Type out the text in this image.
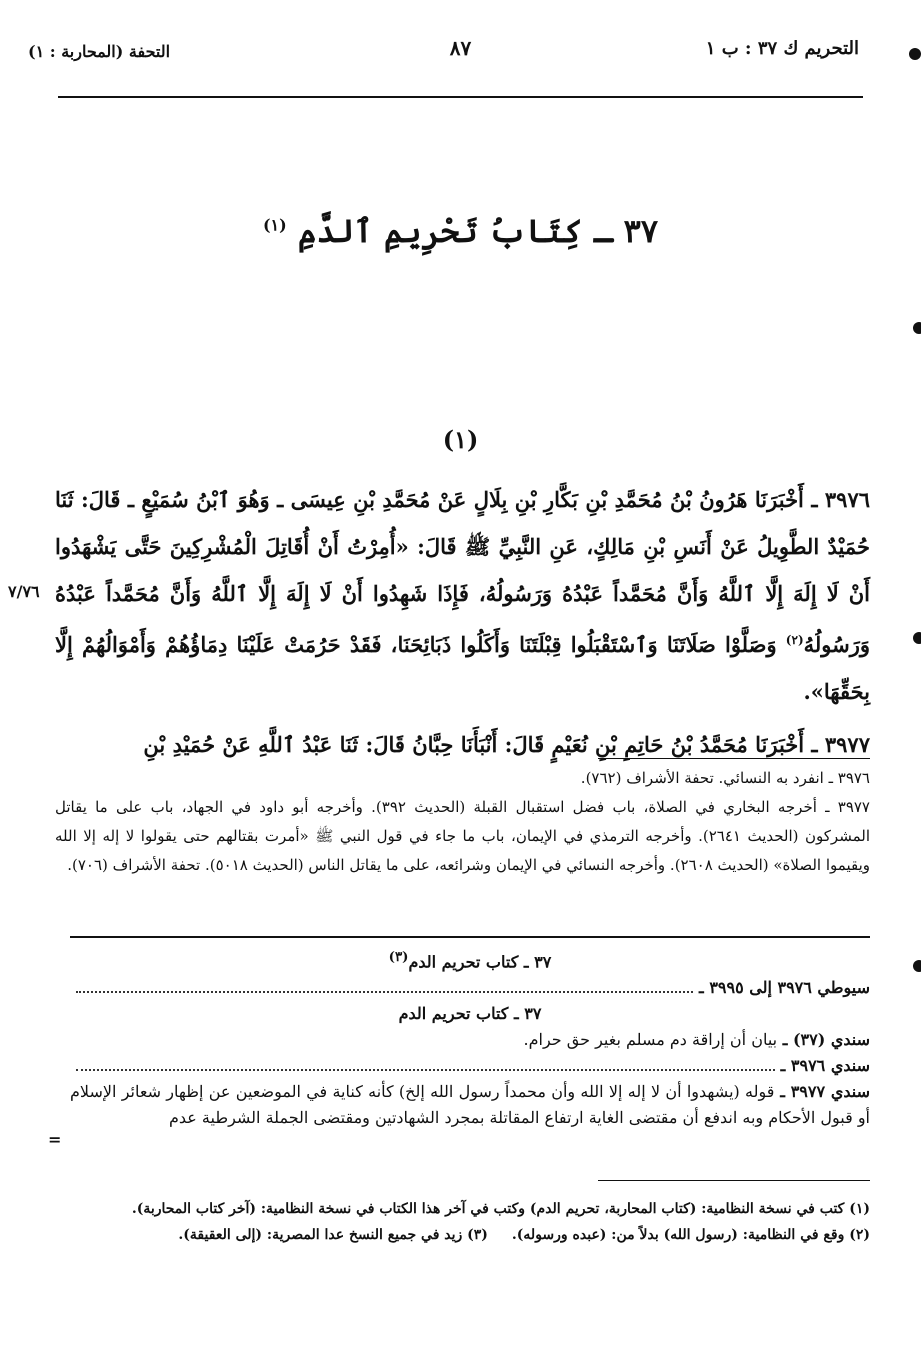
التحريم ك ٣٧ : ب ١
٨٧
التحفة (المحاربة : ١)
٣٧ ـ كِتَابُ تَحْرِيمِ ٱلدَّمِ $^{(١)}$
(١)

٣٩٧٦ ـ أَخْبَرَنَا هَرُونُ بْنُ مُحَمَّدِ بْنِ بَكَّارِ بْنِ بِلَالٍ عَنْ مُحَمَّدِ بْنِ عِيسَى ـ وَهُوَ ٱبْنُ سُمَيْعٍ ـ قَالَ: ثَنَا حُمَيْدٌ الطَّوِيلُ عَنْ أَنَسِ بْنِ مَالِكٍ، عَنِ النَّبِيِّ ﷺ قَالَ: «أُمِرْتُ أَنْ أُقَاتِلَ الْمُشْرِكِينَ حَتَّى يَشْهَدُوا أَنْ لَا إِلَهَ إِلَّا ٱللَّهُ وَأَنَّ مُحَمَّداً عَبْدُهُ وَرَسُولُهُ، فَإِذَا شَهِدُوا أَنْ لَا إِلَهَ إِلَّا ٱللَّهُ وَأَنَّ مُحَمَّداً عَبْدُهُ وَرَسُولُهُ$^{(٢)}$ وَصَلَّوْا صَلَاتَنَا وَٱسْتَقْبَلُوا قِبْلَتَنَا وَأَكَلُوا ذَبَائِحَنَا، فَقَدْ حَرُمَتْ عَلَيْنَا دِمَاؤُهُمْ وَأَمْوَالُهُمْ إِلَّا بِحَقِّهَا».

٣٩٧٧ ـ أَخْبَرَنَا مُحَمَّدُ بْنُ حَاتِمِ بْنِ نُعَيْمٍ قَالَ: أَنْبَأَنَا حِبَّانُ قَالَ: ثَنَا عَبْدُ ٱللَّهِ عَنْ حُمَيْدِ بْنِ

٧/٧٦

٣٩٧٦ ـ انفرد به النسائي. تحفة الأشراف (٧٦٢).

٣٩٧٧ ـ أخرجه البخاري في الصلاة، باب فضل استقبال القبلة (الحديث ٣٩٢). وأخرجه أبو داود في الجهاد، باب على ما يقاتل المشركون (الحديث ٢٦٤١). وأخرجه الترمذي في الإيمان، باب ما جاء في قول النبي ﷺ «أمرت بقتالهم حتى يقولوا لا إله إلا الله ويقيموا الصلاة» (الحديث ٢٦٠٨). وأخرجه النسائي في الإيمان وشرائعه، على ما يقاتل الناس (الحديث ٥٠١٨). تحفة الأشراف (٧٠٦).

٣٧ ـ كتاب تحريم الدم$^{(٣)}$
سيوطي ٣٩٧٦ إلى ٣٩٩٥ ـ
٣٧ ـ كتاب تحريم الدم
سندي (٣٧) ـ بيان أن إراقة دم مسلم بغير حق حرام.
سندي ٣٩٧٦ ـ

سندي ٣٩٧٧ ـ قوله (يشهدوا أن لا إله إلا الله وأن محمداً رسول الله إلخ) كأنه كناية في الموضعين عن إظهار شعائر الإسلام أو قبول الأحكام وبه اندفع أن مقتضى الغاية ارتفاع المقاتلة بمجرد الشهادتين ومقتضى الجملة الشرطية عدم

=

(١) كتب في نسخة النظامية: (كتاب المحاربة، تحريم الدم) وكتب في آخر هذا الكتاب في نسخة النظامية: (آخر كتاب المحاربة).

(٢) وقع في النظامية: (رسول الله) بدلاً من: (عبده ورسوله).(٣) زيد في جميع النسخ عدا المصرية: (إلى العقيقة).
